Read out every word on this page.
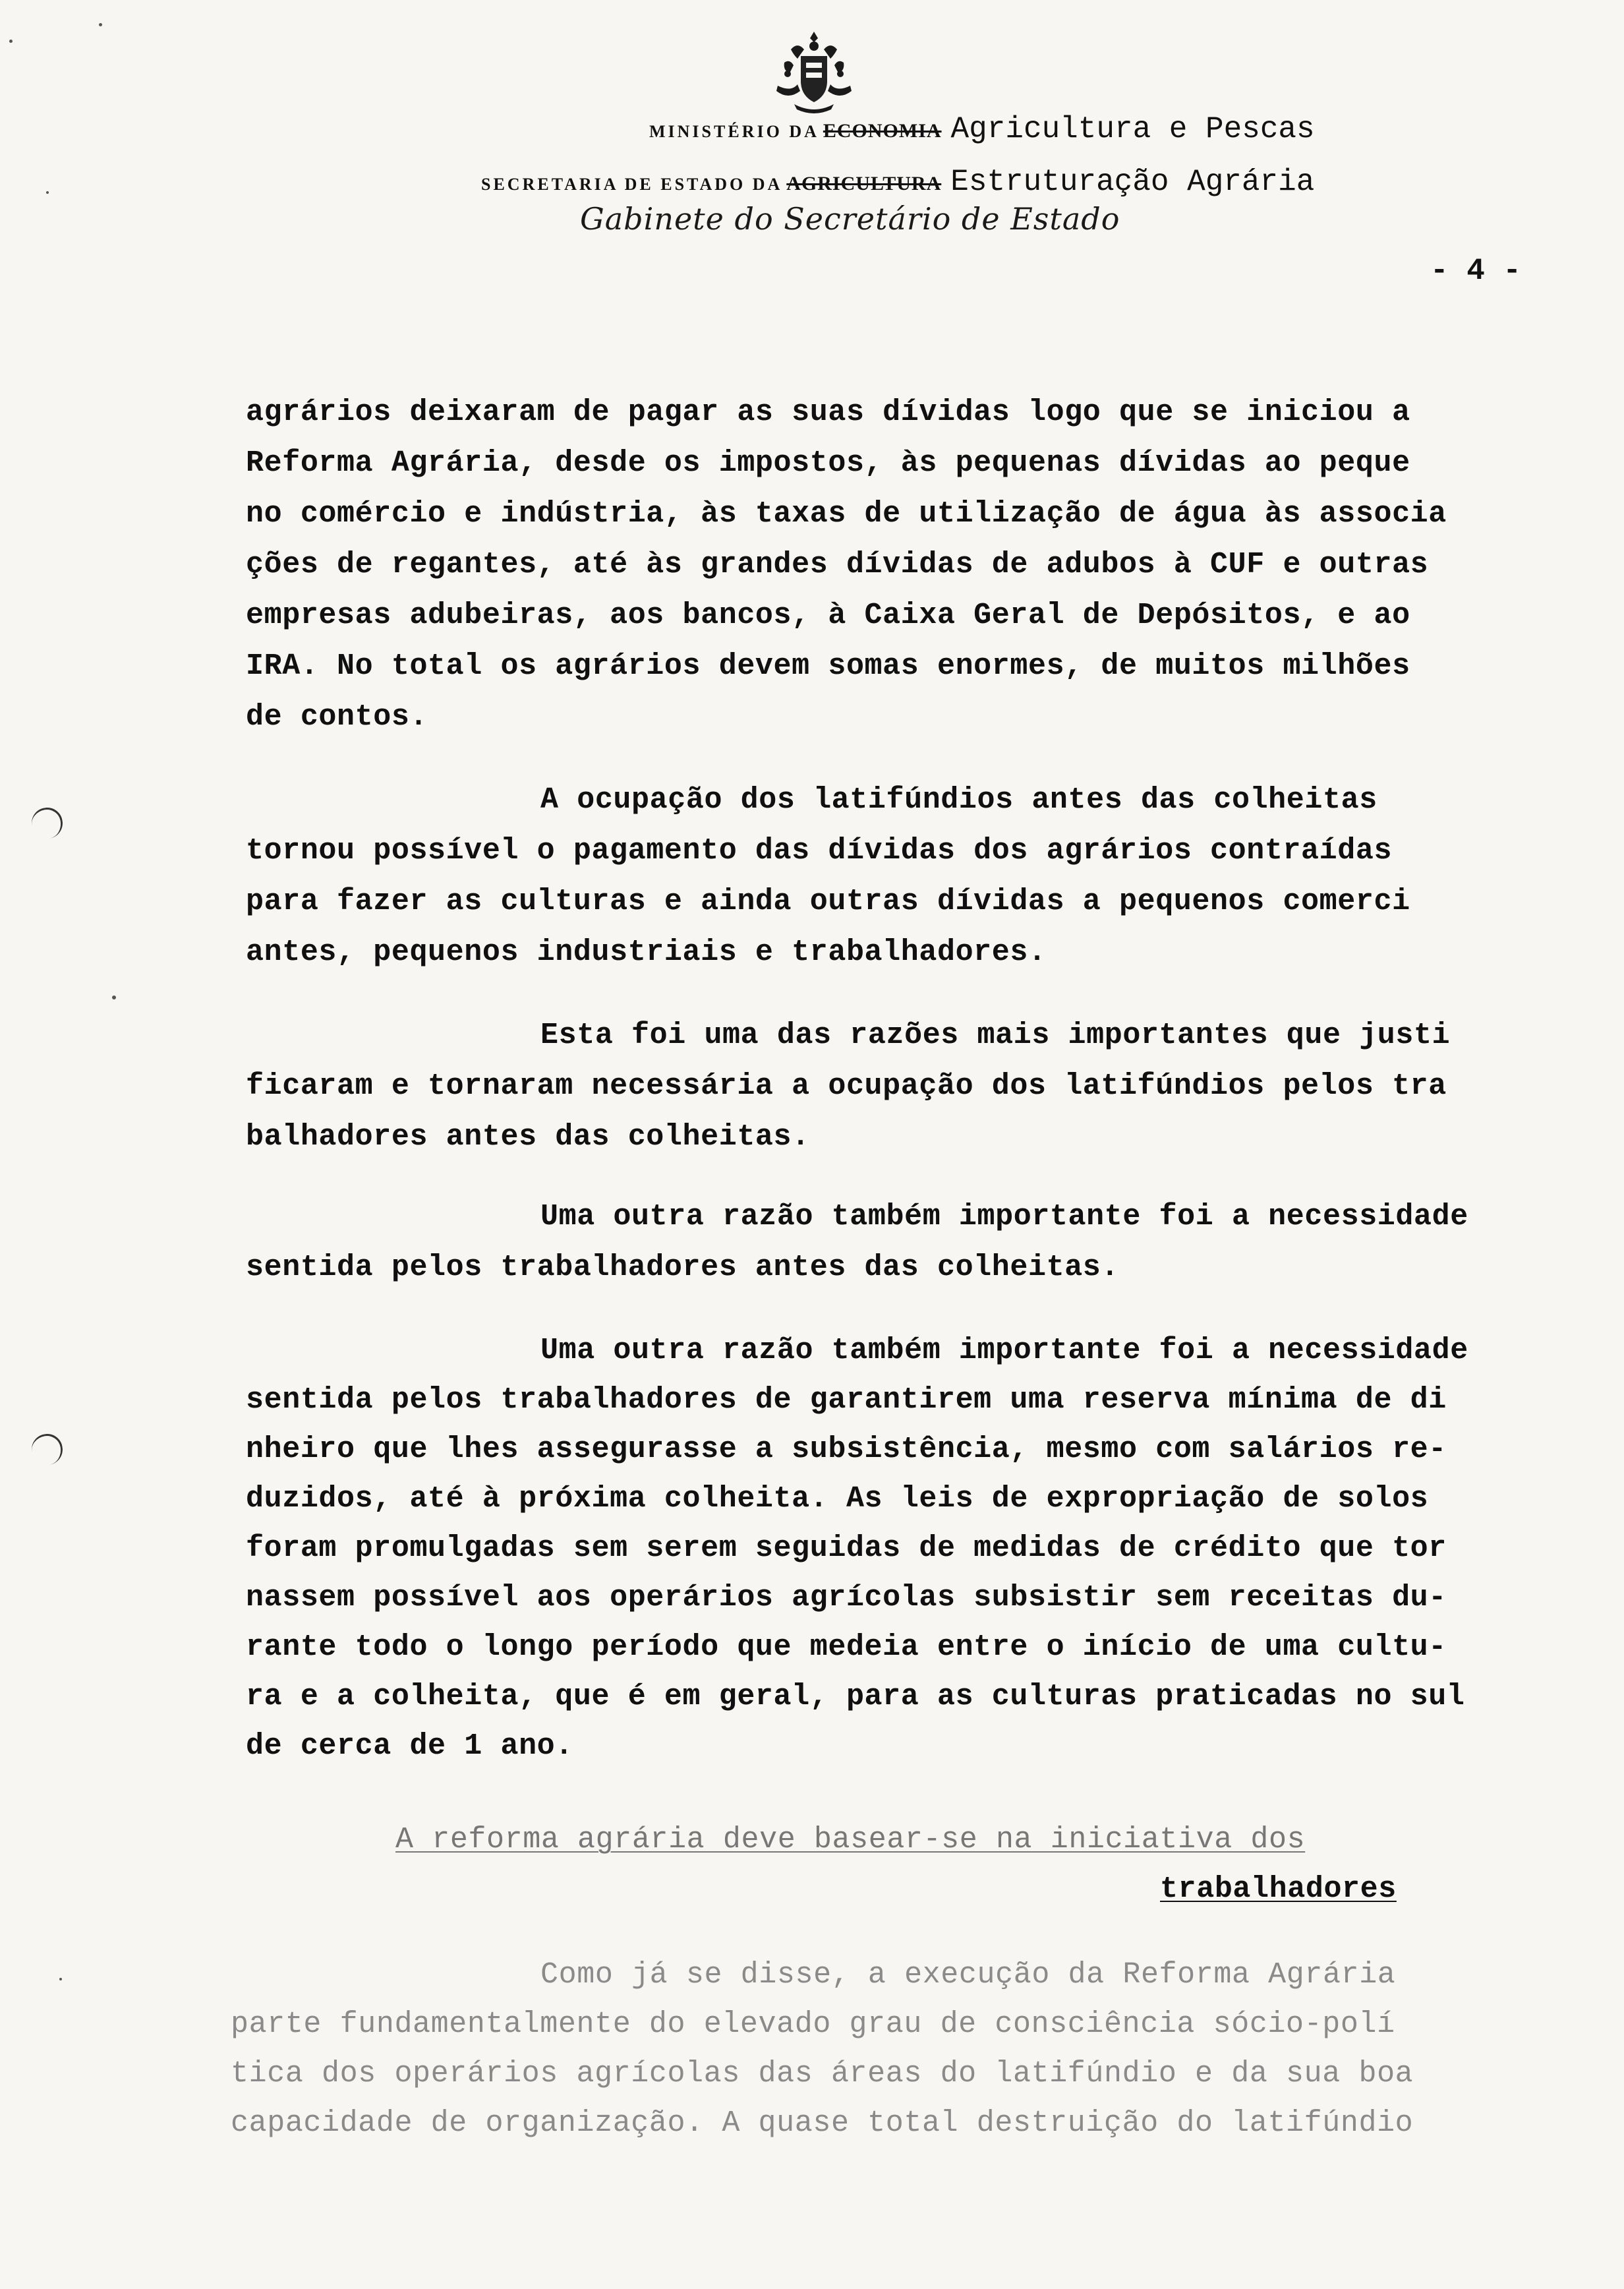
MINISTÉRIO DA ECONOMIA Agricultura e Pescas
SECRETARIA DE ESTADO DA AGRICULTURA Estruturação Agrária
Gabinete do Secretário de Estado
- 4 -
agrários deixaram de pagar as suas dívidas logo que se iniciou a
Reforma Agrária, desde os impostos, às pequenas dívidas ao peque
no comércio e indústria, às taxas de utilização de água às associa
ções de regantes, até às grandes dívidas de adubos à CUF e outras
empresas adubeiras, aos bancos, à Caixa Geral de Depósitos, e ao
IRA. No total os agrários devem somas enormes, de muitos milhões
de contos.
A ocupação dos latifúndios antes das colheitas
tornou possível o pagamento das dívidas dos agrários contraídas
para fazer as culturas e ainda outras dívidas a pequenos comerci
antes, pequenos industriais e trabalhadores.
Esta foi uma das razões mais importantes que justi
ficaram e tornaram necessária a ocupação dos latifúndios pelos tra
balhadores antes das colheitas.
Uma outra razão também importante foi a necessidade
sentida pelos trabalhadores antes das colheitas.
Uma outra razão também importante foi a necessidade
sentida pelos trabalhadores de garantirem uma reserva mínima de di
nheiro que lhes assegurasse a subsistência, mesmo com salários re-
duzidos, até à próxima colheita. As leis de expropriação de solos
foram promulgadas sem serem seguidas de medidas de crédito que tor
nassem possível aos operários agrícolas subsistir sem receitas du-
rante todo o longo período que medeia entre o início de uma cultu-
ra e a colheita, que é em geral, para as culturas praticadas no sul
de cerca de 1 ano.
A reforma agrária deve basear-se na iniciativa dos
trabalhadores
Como já se disse, a execução da Reforma Agrária
parte fundamentalmente do elevado grau de consciência sócio-polí
tica dos operários agrícolas das áreas do latifúndio e da sua boa
capacidade de organização. A quase total destruição do latifúndio
